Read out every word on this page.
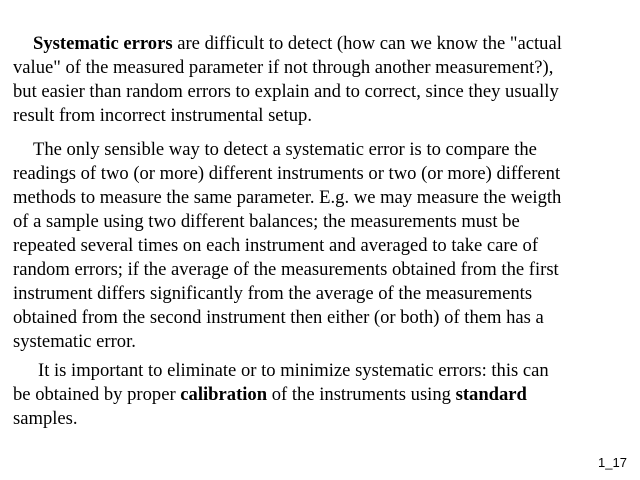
Systematic errors are difficult to detect (how can we know the "actual
value" of the measured parameter if not through another measurement?),
but easier than random errors to explain and to correct, since they usually
result from incorrect instrumental setup.

The only sensible way to detect a systematic error is to compare the
readings of two (or more) different instruments or two (or more) different
methods to measure the same parameter. E.g. we may measure the weigth
of a sample using two different balances; the measurements must be
repeated several times on each instrument and averaged to take care of
random errors; if the average of the measurements obtained from the first
instrument differs significantly from the average of the measurements
obtained from the second instrument then either (or both) of them has a
systematic error.

It is important to eliminate or to minimize systematic errors: this can
be obtained by proper calibration of the instruments using standard
samples.

1_17
